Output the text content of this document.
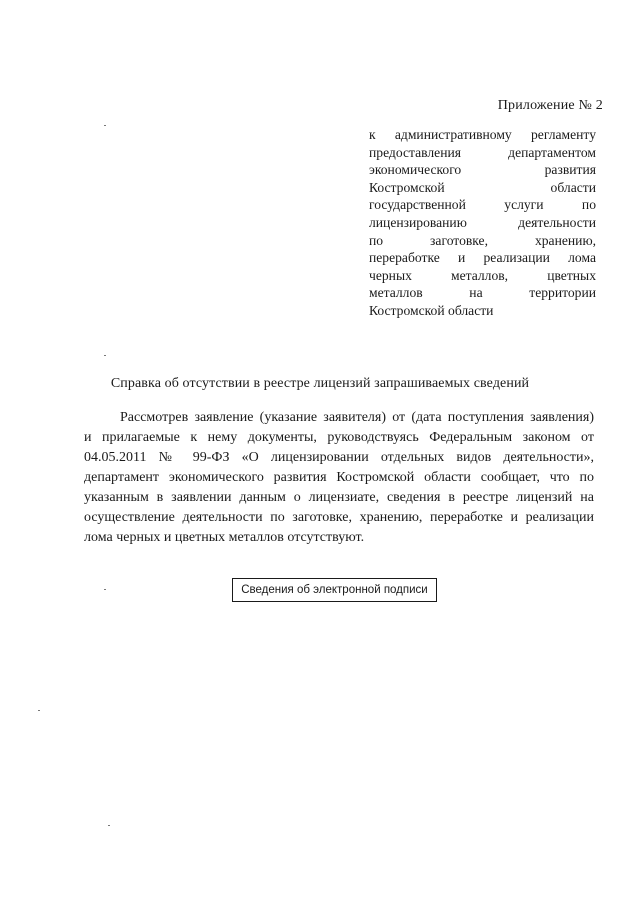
Приложение № 2
к административному регламенту
предоставления департаментом
экономического развития
Костромской области
государственной услуги по
лицензированию деятельности
по заготовке, хранению,
переработке и реализации лома
черных металлов, цветных
металлов на территории
Костромской области
Справка об отсутствии в реестре лицензий запрашиваемых сведений
Рассмотрев заявление (указание заявителя) от (дата поступления заявления)
и прилагаемые к нему документы, руководствуясь Федеральным законом от
04.05.2011 № 99-ФЗ «О лицензировании отдельных видов деятельности»,
департамент экономического развития Костромской области сообщает, что по
указанным в заявлении данным о лицензиате, сведения в реестре лицензий на
осуществление деятельности по заготовке, хранению, переработке и реализации
лома черных и цветных металлов отсутствуют.
Сведения об электронной подписи
